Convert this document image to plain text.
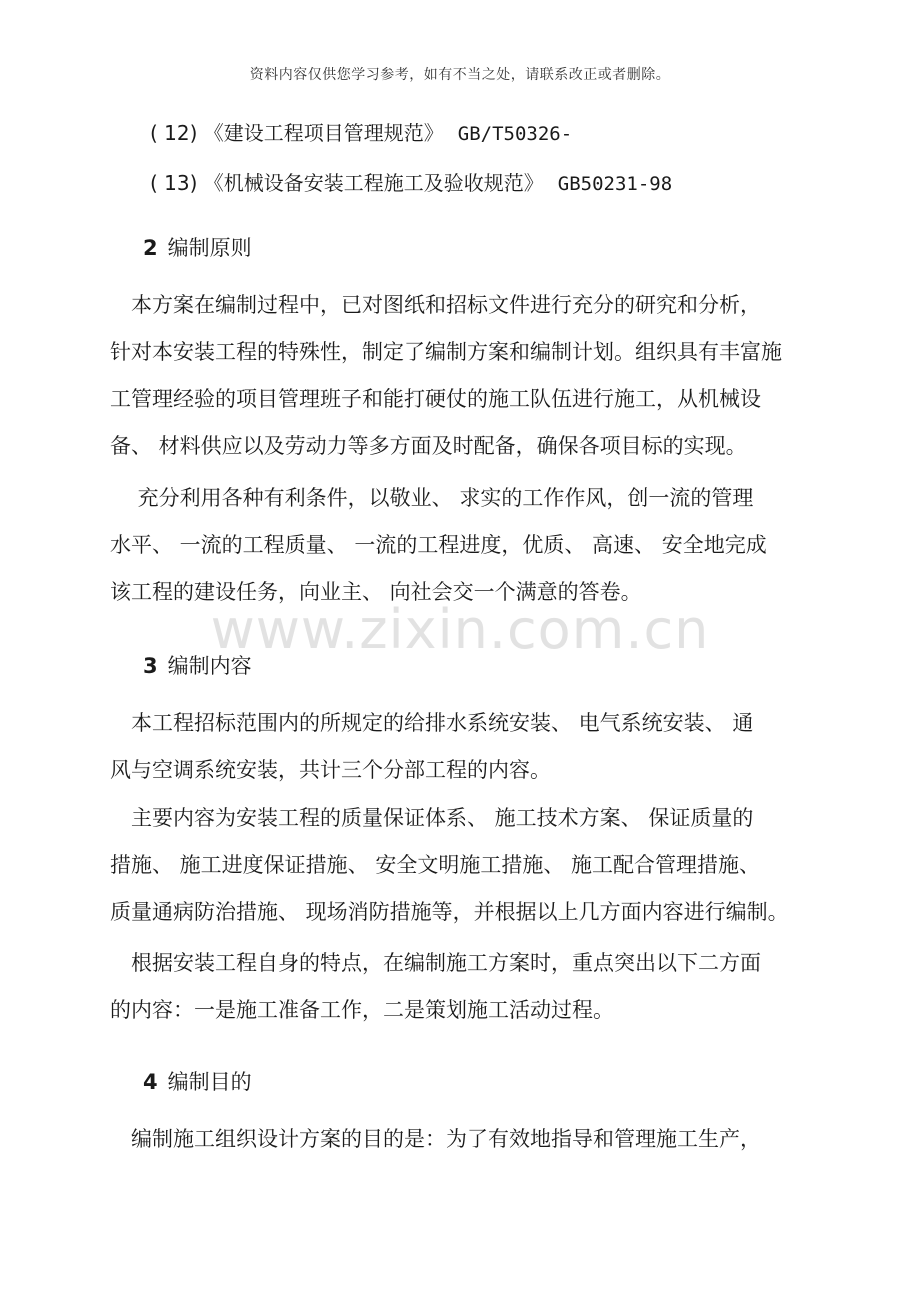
资料内容仅供您学习参考，如有不当之处，请联系改正或者删除。
( 12) 《建设工程项目管理规范》 GB/T50326-
( 13) 《机械设备安装工程施工及验收规范》 GB50231-98
2 编制原则
　本方案在编制过程中，已对图纸和招标文件进行充分的研究和分析，
针对本安装工程的特殊性，制定了编制方案和编制计划。组织具有丰富施
工管理经验的项目管理班子和能打硬仗的施工队伍进行施工，从机械设
备、 材料供应以及劳动力等多方面及时配备，确保各项目标的实现。
　 充分利用各种有利条件，以敬业、 求实的工作作风，创一流的管理
水平、 一流的工程质量、 一流的工程进度，优质、 高速、 安全地完成
该工程的建设任务，向业主、 向社会交一个满意的答卷。
www.zixin.com.cn
3 编制内容
　本工程招标范围内的所规定的给排水系统安装、 电气系统安装、 通
风与空调系统安装，共计三个分部工程的内容。
　主要内容为安装工程的质量保证体系、 施工技术方案、 保证质量的
措施、 施工进度保证措施、 安全文明施工措施、 施工配合管理措施、
质量通病防治措施、 现场消防措施等，并根据以上几方面内容进行编制。
　根据安装工程自身的特点，在编制施工方案时，重点突出以下二方面
的内容：一是施工准备工作，二是策划施工活动过程。
4 编制目的
　编制施工组织设计方案的目的是：为了有效地指导和管理施工生产，
